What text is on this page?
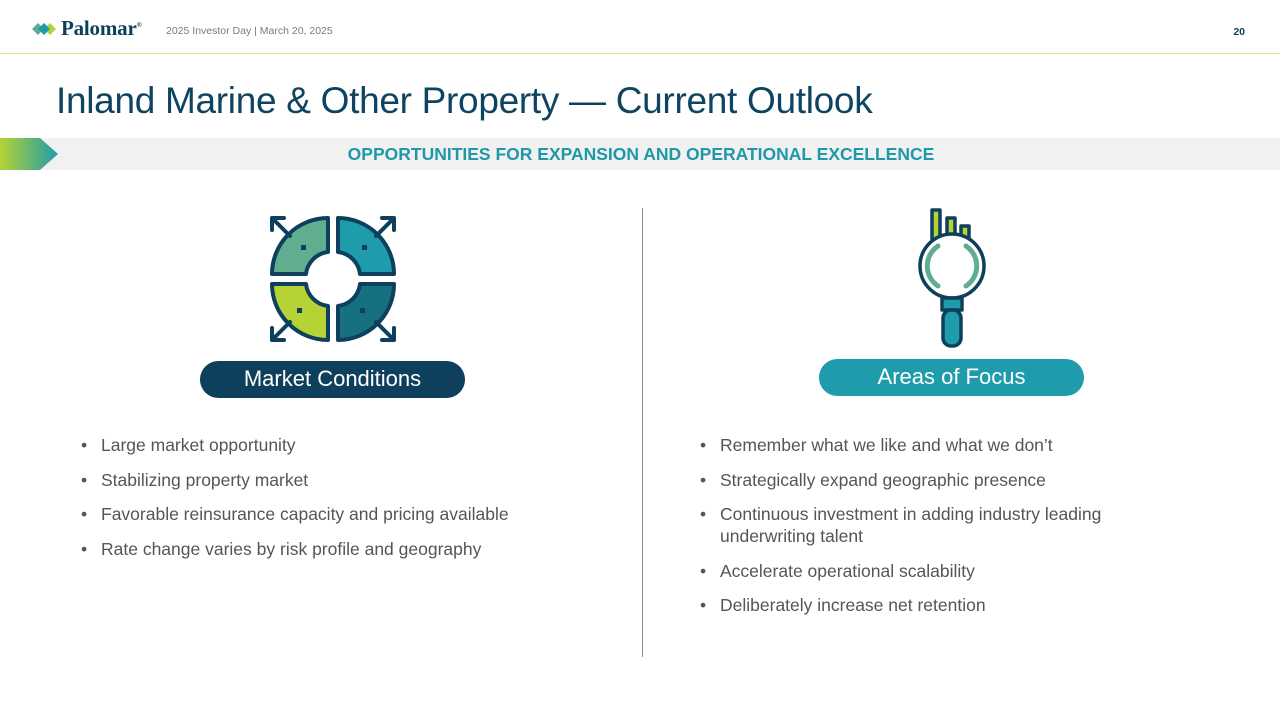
Palomar® 2025 Investor Day | March 20, 2025	20
Inland Marine & Other Property — Current Outlook
OPPORTUNITIES FOR EXPANSION AND OPERATIONAL EXCELLENCE
Market Conditions	Areas of Focus
• Large market opportunity
• Stabilizing property market
• Favorable reinsurance capacity and pricing available
• Rate change varies by risk profile and geography
• Remember what we like and what we don’t
• Strategically expand geographic presence
• Continuous investment in adding industry leading underwriting talent
• Accelerate operational scalability
• Deliberately increase net retention
